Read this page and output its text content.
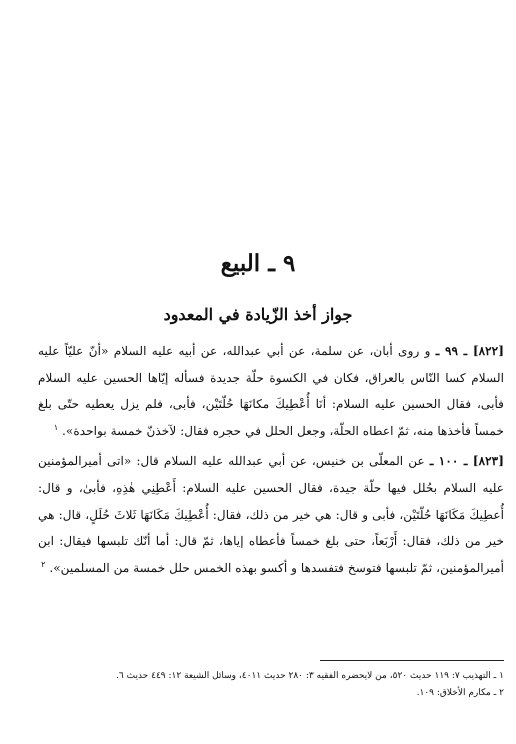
٩ ـ البيع
جواز أخذ الزّيادة في المعدود

[٨٢٢] ـ ٩٩ ـ و روى أبان، عن سلمة، عن أبي عبدالله، عن أبيه عليه السلام «أنّ عليّاً عليه السلام كسا النّاس بالعراق، فكان في الكسوة حلّة جديدة فسأله إيّاها الحسين عليه السلام فأبى، فقال الحسين عليه السلام: أنَا أُعْطِيكَ مكانَهَا حُلّتَيْن، فأبى، فلم يزل يعطيه حتّى بلغ خمساً فأخذها منه، ثمّ اعطاه الحلّة، وجعل الحلل في حجره فقال: لآخذنّ خمسة بواحدة». $^١$

[٨٢٣] ـ ١٠٠ ـ عن المعلّى بن خنيس، عن أبي عبدالله عليه السلام قال: «اتى أميرالمؤمنين عليه السلام بحُلل فيها حلّة جيدة، فقال الحسين عليه السلام: أَعْطِنِي هٰذِهِ، فأبىٰ، و قال: أُعطِيكَ مَكَانَهَا حُلّتَيْن، فأبى و قال: هي خير من ذلك، فقال: أُعْطِيكَ مَكَانَهَا ثَلاثَ حُلَلٍ، قال: هي خير من ذلك، فقال: أَرْبَعاً، حتى بلغ خمساً فأعطاه إياها، ثمّ قال: أما أنّك تلبسها فيقال: ابن أميرالمؤمنين، ثمّ تلبسها فتوسخ فتفسدها و أكسو بهذه الخمس حلل خمسة من المسلمين». $^٢$

١ ـ التهذيب ٧: ١١٩ حديث ٥٢٠، من لايحضره الفقيه ٣: ٢٨٠ حديث ٤٠١١، وسائل الشيعة ١٢: ٤٤٩ حديث ٦.
٢ ـ مكارم الأخلاق: ١٠٩.
